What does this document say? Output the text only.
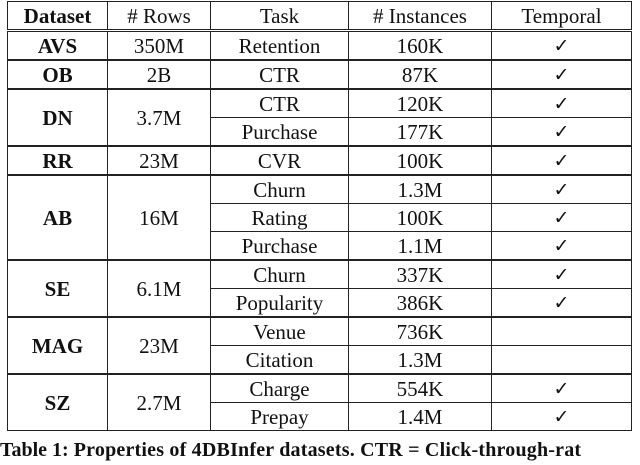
Dataset	# Rows	Task	# Instances	Temporal
AVS	350M	Retention	160K	✓
OB	2B	CTR	87K	✓
DN	3.7M	CTR	120K	✓
		Purchase	177K	✓
RR	23M	CVR	100K	✓
AB	16M	Churn	1.3M	✓
		Rating	100K	✓
		Purchase	1.1M	✓
SE	6.1M	Churn	337K	✓
		Popularity	386K	✓
MAG	23M	Venue	736K	
		Citation	1.3M	
SZ	2.7M	Charge	554K	✓
		Prepay	1.4M	✓
Table 1: Properties of 4DBInfer datasets. CTR = Click-through-rat
